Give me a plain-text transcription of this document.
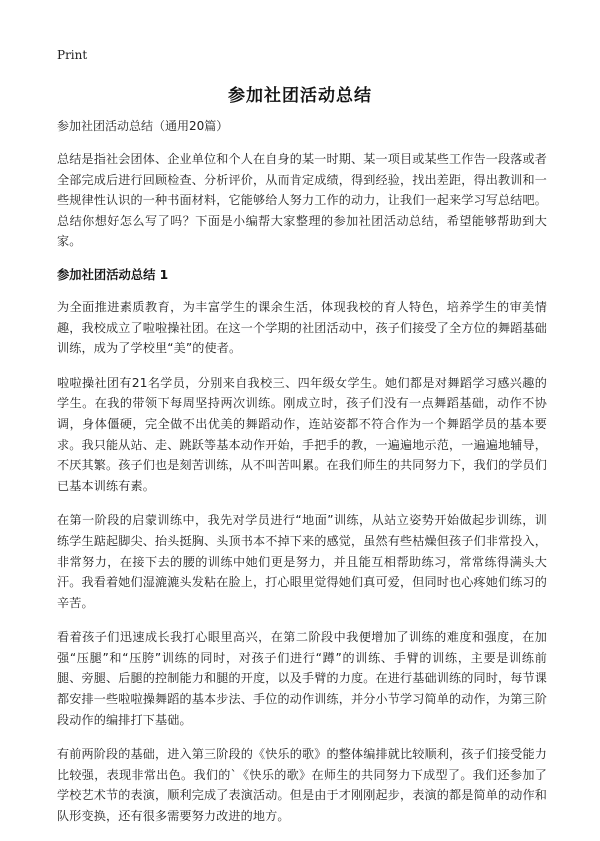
Print
参加社团活动总结
参加社团活动总结（通用20篇）

总结是指社会团体、企业单位和个人在自身的某一时期、某一项目或某些工作告一段落或者全部完成后进行回顾检查、分析评价，从而肯定成绩，得到经验，找出差距，得出教训和一些规律性认识的一种书面材料，它能够给人努力工作的动力，让我们一起来学习写总结吧。总结你想好怎么写了吗？下面是小编帮大家整理的参加社团活动总结，希望能够帮助到大家。

参加社团活动总结 1

为全面推进素质教育，为丰富学生的课余生活，体现我校的育人特色，培养学生的审美情趣，我校成立了啦啦操社团。在这一个学期的社团活动中，孩子们接受了全方位的舞蹈基础训练，成为了学校里“美”的使者。

啦啦操社团有21名学员，分别来自我校三、四年级女学生。她们都是对舞蹈学习感兴趣的学生。在我的带领下每周坚持两次训练。刚成立时，孩子们没有一点舞蹈基础，动作不协调，身体僵硬，完全做不出优美的舞蹈动作，连站姿都不符合作为一个舞蹈学员的基本要求。我只能从站、走、跳跃等基本动作开始，手把手的教，一遍遍地示范，一遍遍地辅导，不厌其繁。孩子们也是刻苦训练，从不叫苦叫累。在我们师生的共同努力下，我们的学员们已基本训练有素。

在第一阶段的启蒙训练中，我先对学员进行“地面”训练，从站立姿势开始做起步训练，训练学生踮起脚尖、抬头挺胸、头顶书本不掉下来的感觉，虽然有些枯燥但孩子们非常投入，非常努力，在接下去的腰的训练中她们更是努力，并且能互相帮助练习，常常练得满头大汗。我看着她们湿漉漉头发粘在脸上，打心眼里觉得她们真可爱，但同时也心疼她们练习的辛苦。

看着孩子们迅速成长我打心眼里高兴，在第二阶段中我便增加了训练的难度和强度，在加强“压腿”和“压胯”训练的同时，对孩子们进行“蹲”的训练、手臂的训练，主要是训练前腿、旁腿、后腿的控制能力和腿的开度，以及手臂的力度。在进行基础训练的同时，每节课都安排一些啦啦操舞蹈的基本步法、手位的动作训练，并分小节学习简单的动作，为第三阶段动作的编排打下基础。

有前两阶段的基础，进入第三阶段的《快乐的歌》的整体编排就比较顺利，孩子们接受能力比较强，表现非常出色。我们的`《快乐的歌》在师生的共同努力下成型了。我们还参加了学校艺术节的表演，顺利完成了表演活动。但是由于才刚刚起步，表演的都是简单的动作和队形变换，还有很多需要努力改进的地方。
